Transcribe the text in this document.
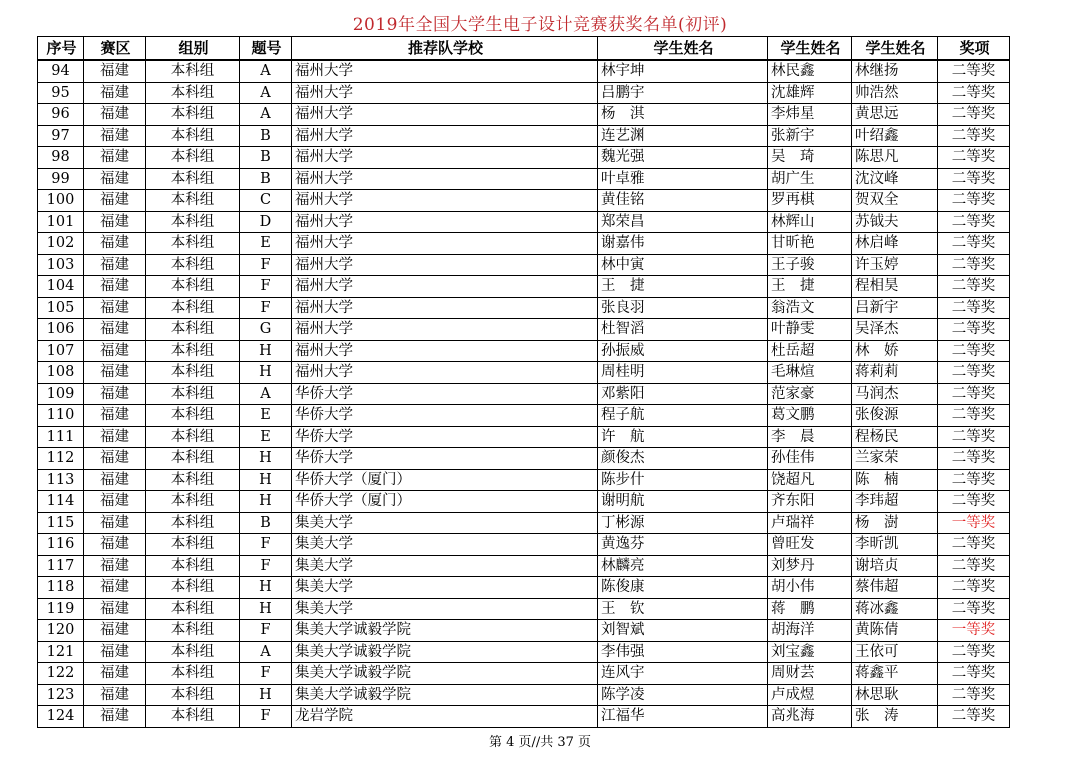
2019年全国大学生电子设计竞赛获奖名单(初评)
序号	赛区	组别	题号	推荐队学校	学生姓名	学生姓名	学生姓名	奖项
94	福建	本科组	A	福州大学	林宇坤	林民鑫	林继扬	二等奖
95	福建	本科组	A	福州大学	吕鹏宇	沈雄辉	帅浩然	二等奖
96	福建	本科组	A	福州大学	杨　淇	李炜星	黄思远	二等奖
97	福建	本科组	B	福州大学	连艺渊	张新宇	叶绍鑫	二等奖
98	福建	本科组	B	福州大学	魏光强	吴　琦	陈思凡	二等奖
99	福建	本科组	B	福州大学	叶卓雅	胡广生	沈汶峰	二等奖
100	福建	本科组	C	福州大学	黄佳铭	罗再棋	贺双全	二等奖
101	福建	本科组	D	福州大学	郑荣昌	林辉山	苏钺夫	二等奖
102	福建	本科组	E	福州大学	谢嘉伟	甘昕艳	林启峰	二等奖
103	福建	本科组	F	福州大学	林中寅	王子骏	许玉婷	二等奖
104	福建	本科组	F	福州大学	王　捷	王　捷	程相昊	二等奖
105	福建	本科组	F	福州大学	张良羽	翁浩文	吕新宇	二等奖
106	福建	本科组	G	福州大学	杜智滔	叶静雯	吴泽杰	二等奖
107	福建	本科组	H	福州大学	孙振威	杜岳超	林　娇	二等奖
108	福建	本科组	H	福州大学	周桂明	毛琳煊	蒋莉莉	二等奖
109	福建	本科组	A	华侨大学	邓紫阳	范家豪	马润杰	二等奖
110	福建	本科组	E	华侨大学	程子航	葛文鹏	张俊源	二等奖
111	福建	本科组	E	华侨大学	许　航	李　晨	程杨民	二等奖
112	福建	本科组	H	华侨大学	颜俊杰	孙佳伟	兰家荣	二等奖
113	福建	本科组	H	华侨大学（厦门）	陈步什	饶超凡	陈　楠	二等奖
114	福建	本科组	H	华侨大学（厦门）	谢明航	齐东阳	李玮超	二等奖
115	福建	本科组	B	集美大学	丁彬源	卢瑞祥	杨　澍	一等奖
116	福建	本科组	F	集美大学	黄逸芬	曾旺发	李昕凯	二等奖
117	福建	本科组	F	集美大学	林麟亮	刘梦丹	谢培贞	二等奖
118	福建	本科组	H	集美大学	陈俊康	胡小伟	蔡伟超	二等奖
119	福建	本科组	H	集美大学	王　钦	蒋　鹏	蒋冰鑫	二等奖
120	福建	本科组	F	集美大学诚毅学院	刘智斌	胡海洋	黄陈倩	一等奖
121	福建	本科组	A	集美大学诚毅学院	李伟强	刘宝鑫	王依可	二等奖
122	福建	本科组	F	集美大学诚毅学院	连风宇	周财芸	蒋鑫平	二等奖
123	福建	本科组	H	集美大学诚毅学院	陈学凌	卢成煜	林思耿	二等奖
124	福建	本科组	F	龙岩学院	江福华	高兆海	张　涛	二等奖
第 4 页//共 37 页
